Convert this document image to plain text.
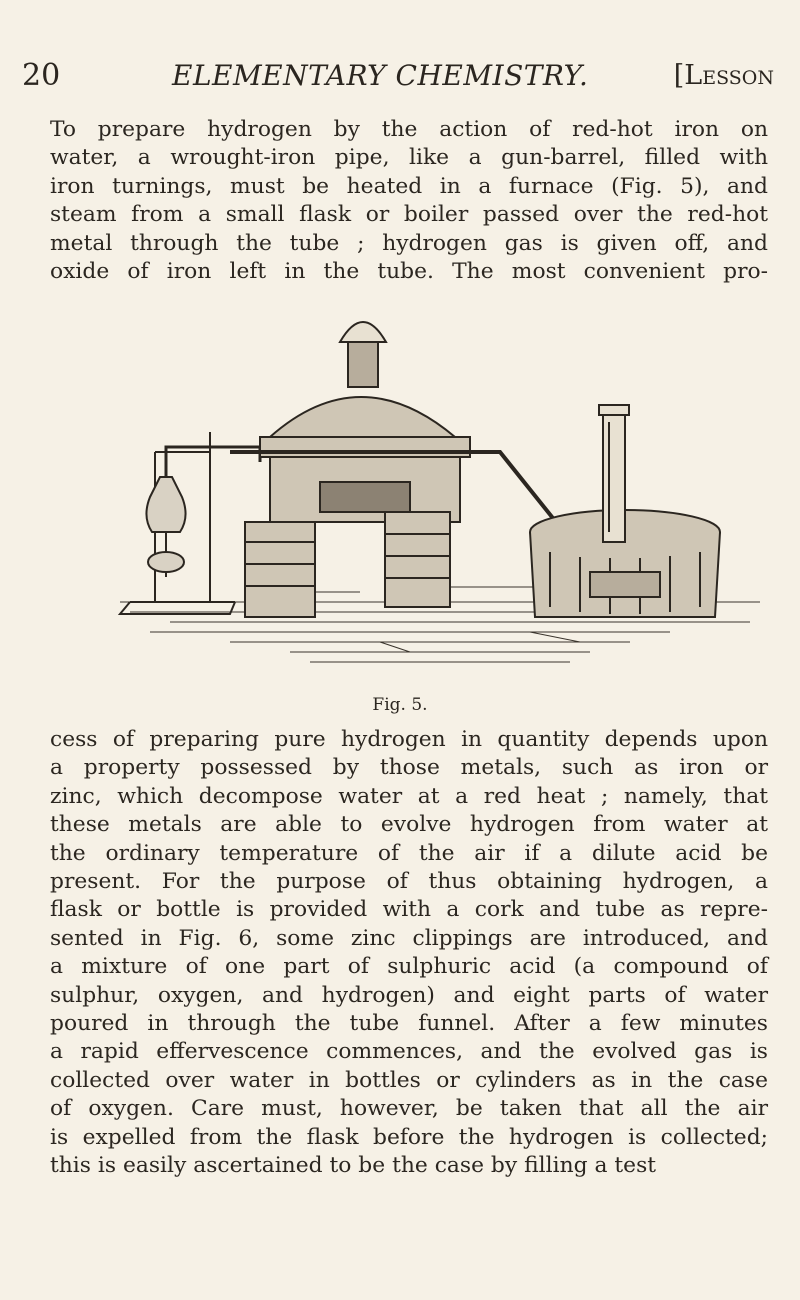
20	ELEMENTARY CHEMISTRY.	[Lesson

To prepare hydrogen by the action of red-hot iron on
water, a wrought-iron pipe, like a gun-barrel, filled with
iron turnings, must be heated in a furnace (Fig. 5), and
steam from a small flask or boiler passed over the red-hot
metal through the tube ; hydrogen gas is given off, and
oxide of iron left in the tube. The most convenient pro-

Fig. 5.

cess of preparing pure hydrogen in quantity depends upon
a property possessed by those metals, such as iron or
zinc, which decompose water at a red heat ; namely, that
these metals are able to evolve hydrogen from water at
the ordinary temperature of the air if a dilute acid be
present. For the purpose of thus obtaining hydrogen, a
flask or bottle is provided with a cork and tube as repre-
sented in Fig. 6, some zinc clippings are introduced, and
a mixture of one part of sulphuric acid (a compound of
sulphur, oxygen, and hydrogen) and eight parts of water
poured in through the tube funnel. After a few minutes
a rapid effervescence commences, and the evolved gas is
collected over water in bottles or cylinders as in the case
of oxygen. Care must, however, be taken that all the air
is expelled from the flask before the hydrogen is collected;
this is easily ascertained to be the case by filling a test
